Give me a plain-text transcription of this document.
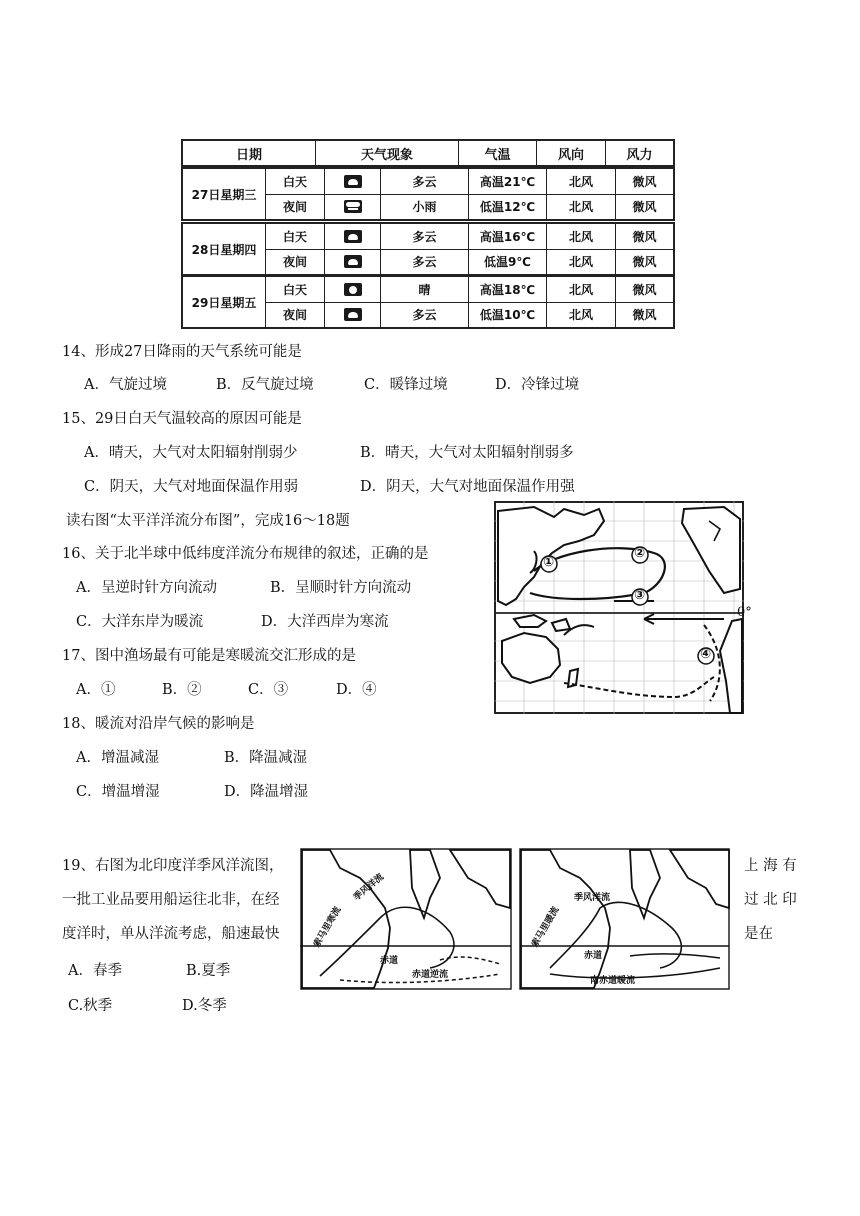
日期	天气现象	气温	风向	风力
27日星期三
白天	多云	高温21℃	北风	微风
夜间	小雨	低温12℃	北风	微风
28日星期四
白天	多云	高温16℃	北风	微风
夜间	多云	低温9℃	北风	微风
29日星期五
白天	晴	高温18℃	北风	微风
夜间	多云	低温10℃	北风	微风
14、形成27日降雨的天气系统可能是
A．气旋过境	B．反气旋过境	C．暖锋过境	D．冷锋过境
15、29日白天气温较高的原因可能是
A．晴天，大气对太阳辐射削弱少	B．晴天，大气对太阳辐射削弱多
C．阴天，大气对地面保温作用弱	D．阴天，大气对地面保温作用强
读右图“太平洋洋流分布图”，完成16～18题
16、关于北半球中低纬度洋流分布规律的叙述，正确的是
A．呈逆时针方向流动	B．呈顺时针方向流动
C．大洋东岸为暖流	D．大洋西岸为寒流
17、图中渔场最有可能是寒暖流交汇形成的是
A．①	B．②	C．③	D．④
18、暖流对沿岸气候的影响是
A．增温减湿	B．降温减湿
C．增温增湿	D．降温增湿
①
②
③
④
0°
19、右图为北印度洋季风洋流图，	上 海 有
一批工业品要用船运往北非，在经	过 北 印
度洋时，单从洋流考虑，船速最快	是在
A．春季	B.夏季
C.秋季	D.冬季
季风洋流
索马里寒流
赤道
赤道逆流
季风洋流
索马里暖流
赤道
南赤道暖流
